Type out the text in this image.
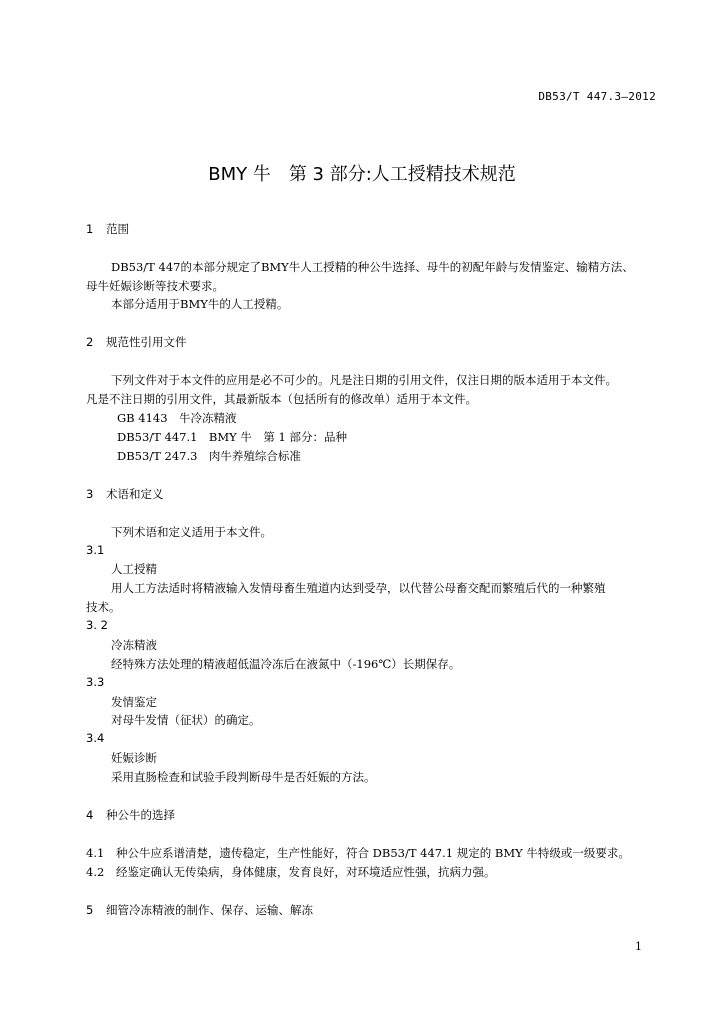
DB53/T 447.3—2012
BMY 牛　第 3 部分:人工授精技术规范
1 范围
DB53/T 447的本部分规定了BMY牛人工授精的种公牛选择、母牛的初配年龄与发情鉴定、输精方法、
母牛妊娠诊断等技术要求。
本部分适用于BMY牛的人工授精。
2 规范性引用文件
下列文件对于本文件的应用是必不可少的。凡是注日期的引用文件，仅注日期的版本适用于本文件。
凡是不注日期的引用文件，其最新版本（包括所有的修改单）适用于本文件。
GB 4143　牛冷冻精液
DB53/T 447.1　BMY 牛　第 1 部分：品种
DB53/T 247.3　肉牛养殖综合标准
3 术语和定义
下列术语和定义适用于本文件。
3.1
人工授精
用人工方法适时将精液输入发情母畜生殖道内达到受孕，以代替公母畜交配而繁殖后代的一种繁殖
技术。
3. 2
冷冻精液
经特殊方法处理的精液超低温冷冻后在液氮中（-196℃）长期保存。
3.3
发情鉴定
对母牛发情（征状）的确定。
3.4
妊娠诊断
采用直肠检查和试验手段判断母牛是否妊娠的方法。
4 种公牛的选择
4.1 种公牛应系谱清楚，遗传稳定，生产性能好，符合 DB53/T 447.1 规定的 BMY 牛特级或一级要求。
4.2 经鉴定确认无传染病，身体健康，发育良好，对环境适应性强，抗病力强。
5 细管冷冻精液的制作、保存、运输、解冻
1
